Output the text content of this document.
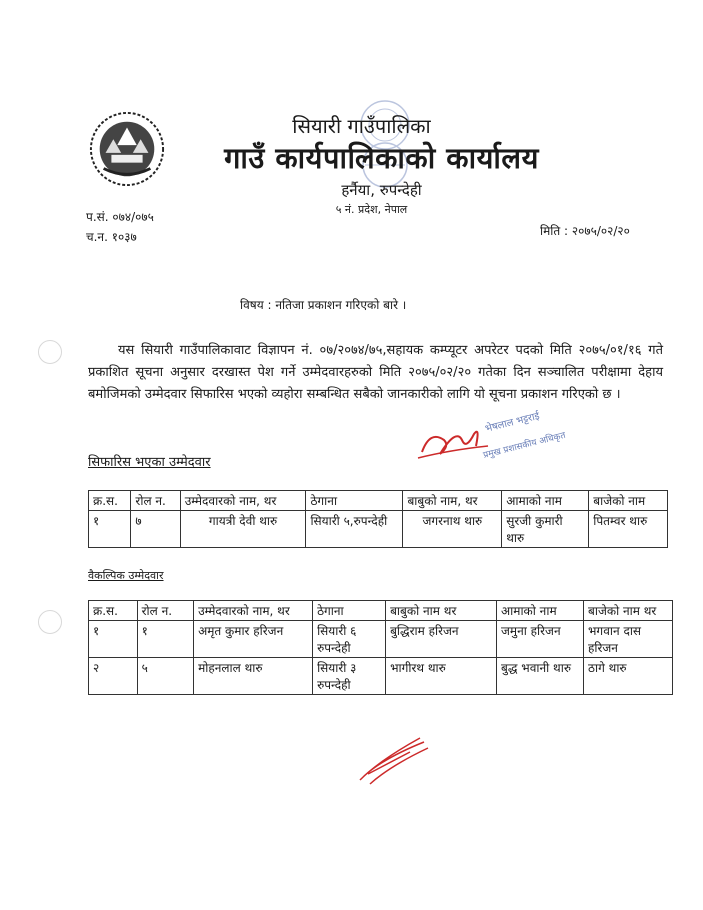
सियारी गाउँपालिका
गाउँ कार्यपालिकाको कार्यालय
हर्नैया, रुपन्देही
५ नं. प्रदेश, नेपाल
प.सं. ०७४/०७५
च.न. १०३७	मिति : २०७५/०२/२०
विषय : नतिजा प्रकाशन गरिएको बारे ।
यस सियारी गाउँपालिकावाट विज्ञापन नं. ०७/२०७४/७५,सहायक कम्प्यूटर अपरेटर पदको मिति २०७५/०१/१६ गते प्रकाशित सूचना अनुसार दरखास्त पेश गर्ने उम्मेदवारहरुको मिति २०७५/०२/२० गतेका दिन सञ्चालित परीक्षामा देहाय बमोजिमको उम्मेदवार सिफारिस भएको व्यहोरा सम्बन्धित सबैको जानकारीको लागि यो सूचना प्रकाशन गरिएको छ ।
सिफारिस भएका उम्मेदवार
भेषलाल भट्टराई
प्रमुख प्रशासकीय अधिकृत
क्र.स.	रोल न.	उम्मेदवारको नाम, थर	ठेगाना	बाबुको नाम, थर	आमाको नाम	बाजेको नाम
१	७	गायत्री देवी थारु	सियारी ५,रुपन्देही	जगरनाथ थारु	सुरजी कुमारी थारु	पितम्वर थारु
वैकल्पिक उम्मेदवार
क्र.स.	रोल न.	उम्मेदवारको नाम, थर	ठेगाना	बाबुको नाम थर	आमाको नाम	बाजेको नाम थर
१	१	अमृत कुमार हरिजन	सियारी ६ रुपन्देही	बुद्धिराम हरिजन	जमुना हरिजन	भगवान दास हरिजन
२	५	मोहनलाल थारु	सियारी ३ रुपन्देही	भागीरथ थारु	बुद्ध भवानी थारु	ठागे थारु
